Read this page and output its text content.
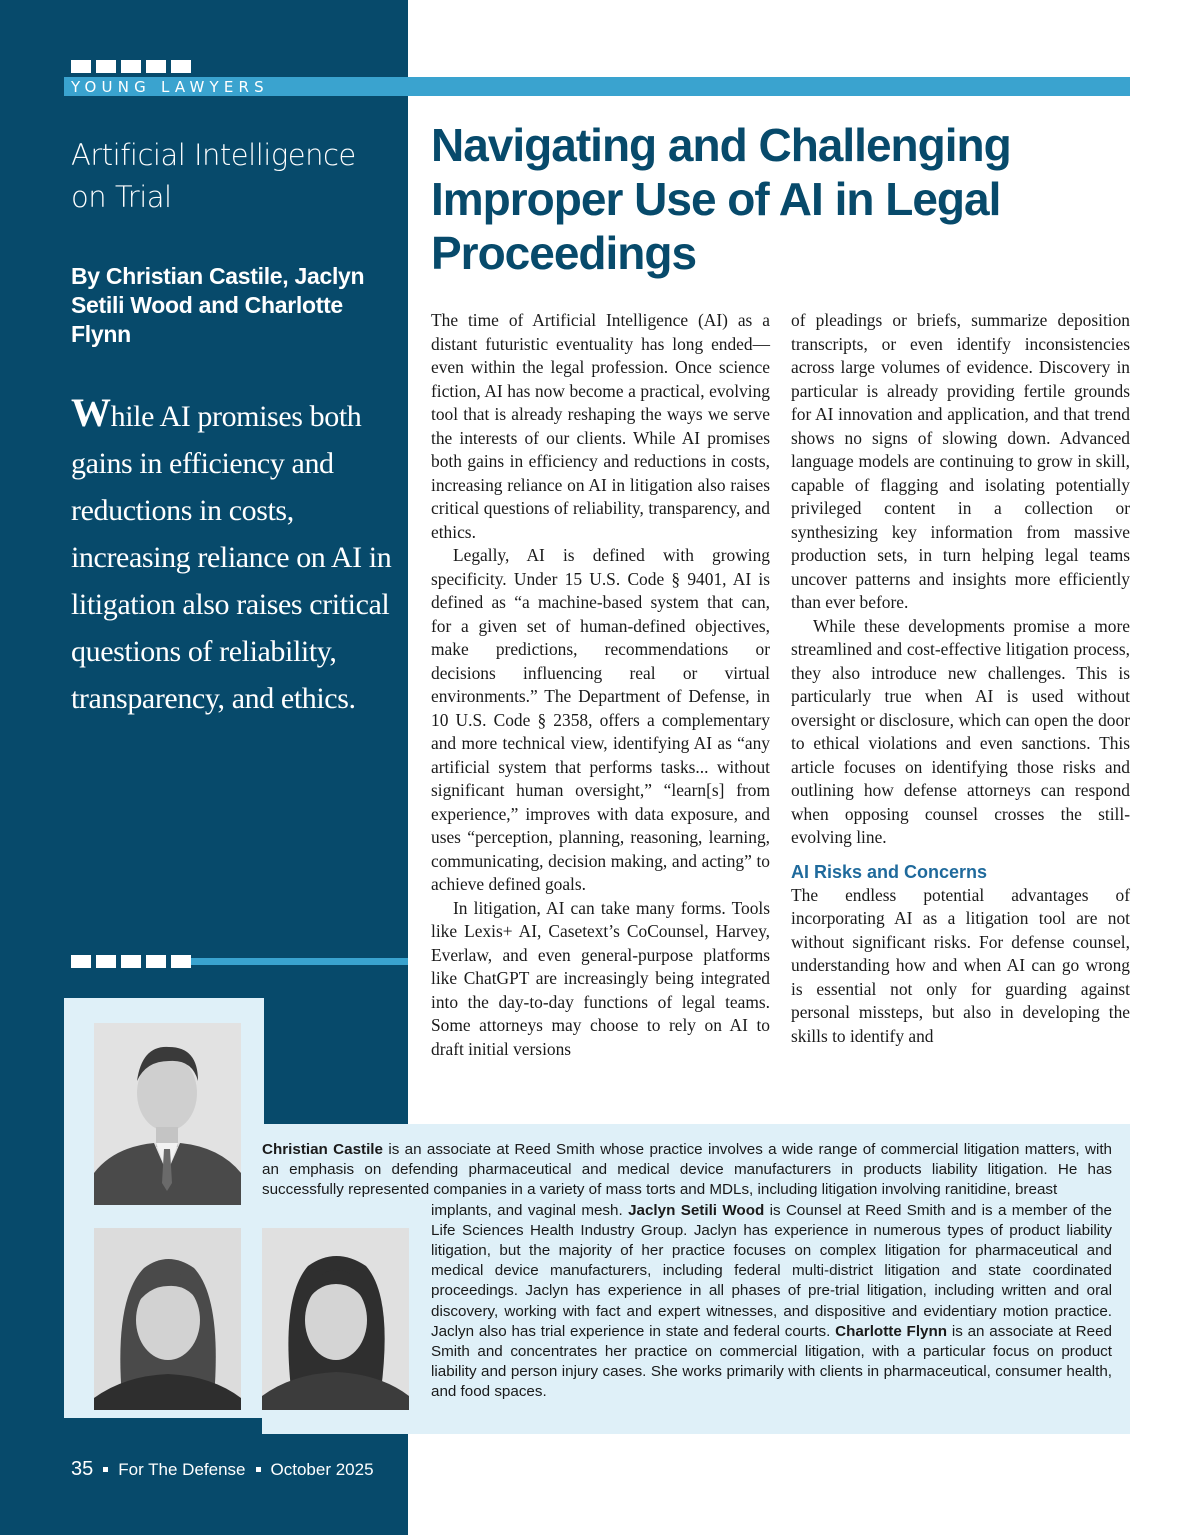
YOUNG LAWYERS
Artificial Intelligence on Trial
By Christian Castile, Jaclyn Setili Wood and Charlotte Flynn

While AI promises both gains in efficiency and reductions in costs, increasing reliance on AI in litigation also raises critical questions of reliability, transparency, and ethics.

Navigating and Challenging Improper Use of AI in Legal Proceedings

The time of Artificial Intelligence (AI) as a distant futuristic eventuality has long ended—even within the legal profession. Once science fiction, AI has now become a practical, evolving tool that is already reshaping the ways we serve the interests of our clients. While AI promises both gains in efficiency and reductions in costs, increasing reliance on AI in litigation also raises critical questions of reliability, transparency, and ethics.

Legally, AI is defined with growing specificity. Under 15 U.S. Code § 9401, AI is defined as “a machine-based system that can, for a given set of human-defined objectives, make predictions, recommendations or decisions influencing real or virtual environments.” The Department of Defense, in 10 U.S. Code § 2358, offers a complementary and more technical view, identifying AI as “any artificial system that performs tasks... without significant human oversight,” “learn[s] from experience,” improves with data exposure, and uses “perception, planning, reasoning, learning, communicating, decision making, and acting” to achieve defined goals.

In litigation, AI can take many forms. Tools like Lexis+ AI, Casetext’s CoCounsel, Harvey, Everlaw, and even general-purpose platforms like ChatGPT are increasingly being integrated into the day-to-day functions of legal teams. Some attorneys may choose to rely on AI to draft initial versions

of pleadings or briefs, summarize deposition transcripts, or even identify inconsistencies across large volumes of evidence. Discovery in particular is already providing fertile grounds for AI innovation and application, and that trend shows no signs of slowing down. Advanced language models are continuing to grow in skill, capable of flagging and isolating potentially privileged content in a collection or synthesizing key information from massive production sets, in turn helping legal teams uncover patterns and insights more efficiently than ever before.

While these developments promise a more streamlined and cost-effective litigation process, they also introduce new challenges. This is particularly true when AI is used without oversight or disclosure, which can open the door to ethical violations and even sanctions. This article focuses on identifying those risks and outlining how defense attorneys can respond when opposing counsel crosses the still-evolving line.

AI Risks and Concerns

The endless potential advantages of incorporating AI as a litigation tool are not without significant risks. For defense counsel, understanding how and when AI can go wrong is essential not only for guarding against personal missteps, but also in developing the skills to identify and

Christian Castile is an associate at Reed Smith whose practice involves a wide range of commercial litigation matters, with an emphasis on defending pharmaceutical and medical device manufacturers in products liability litigation. He has successfully represented companies in a variety of mass torts and MDLs, including litigation involving ranitidine, breast
implants, and vaginal mesh. Jaclyn Setili Wood is Counsel at Reed Smith and is a member of the Life Sciences Health Industry Group. Jaclyn has experience in numerous types of product liability litigation, but the majority of her practice focuses on complex litigation for pharmaceutical and medical device manufacturers, including federal multi-district litigation and state coordinated proceedings. Jaclyn has experience in all phases of pre-trial litigation, including written and oral discovery, working with fact and expert witnesses, and dispositive and evidentiary motion practice. Jaclyn also has trial experience in state and federal courts. Charlotte Flynn is an associate at Reed Smith and concentrates her practice on commercial litigation, with a particular focus on product liability and person injury cases. She works primarily with clients in pharmaceutical, consumer health, and food spaces.

35 For The Defense October 2025
